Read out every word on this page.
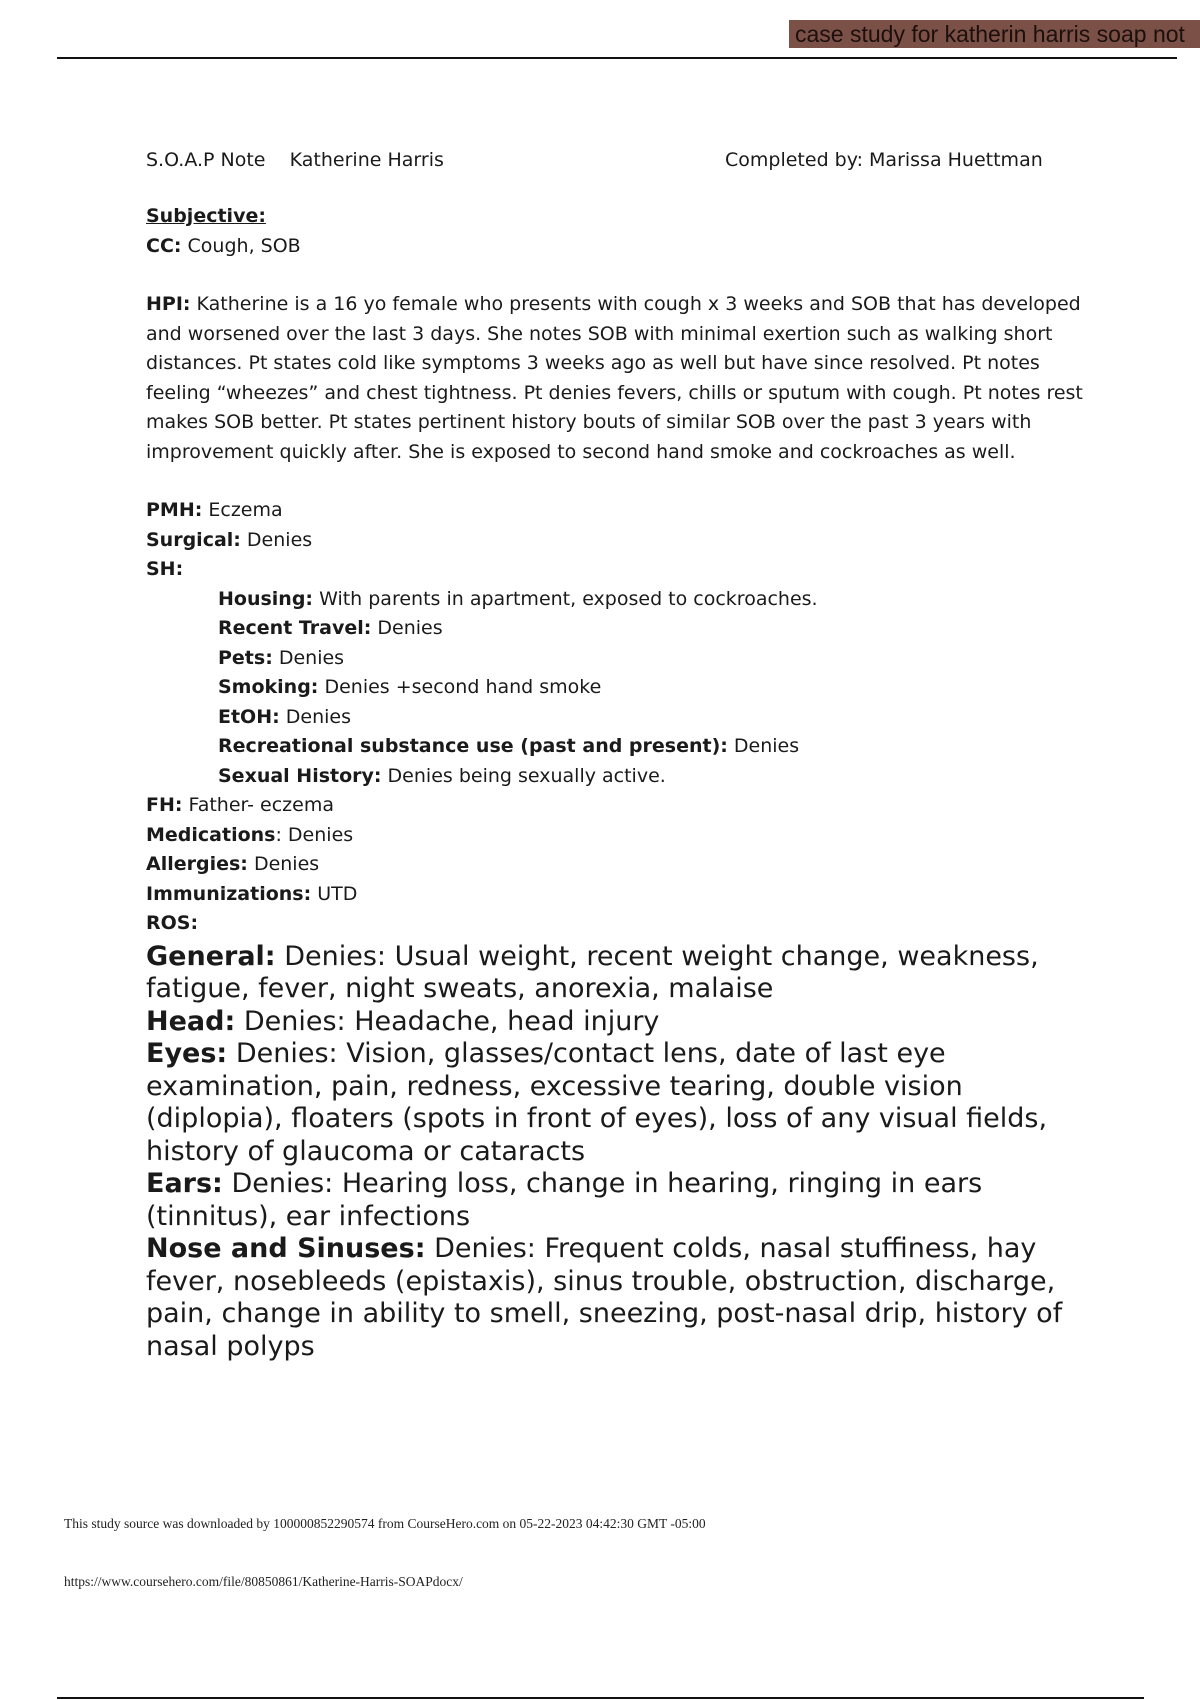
case study for katherin harris soap not
S.O.A.P Note    Katherine Harris	Completed by: Marissa Huettman
Subjective:
CC: Cough, SOB
HPI: Katherine is a 16 yo female who presents with cough x 3 weeks and SOB that has developed and worsened over the last 3 days. She notes SOB with minimal exertion such as walking short distances. Pt states cold like symptoms 3 weeks ago as well but have since resolved. Pt notes feeling “wheezes” and chest tightness. Pt denies fevers, chills or sputum with cough. Pt notes rest makes SOB better. Pt states pertinent history bouts of similar SOB over the past 3 years with improvement quickly after. She is exposed to second hand smoke and cockroaches as well.
PMH: Eczema
Surgical: Denies
SH:
Housing: With parents in apartment, exposed to cockroaches.
Recent Travel: Denies
Pets: Denies
Smoking: Denies +second hand smoke
EtOH: Denies
Recreational substance use (past and present): Denies
Sexual History: Denies being sexually active.
FH: Father- eczema
Medications: Denies
Allergies: Denies
Immunizations: UTD
ROS:
General: Denies: Usual weight, recent weight change, weakness, fatigue, fever, night sweats, anorexia, malaise
Head: Denies: Headache, head injury
Eyes: Denies: Vision, glasses/contact lens, date of last eye examination, pain, redness, excessive tearing, double vision (diplopia), floaters (spots in front of eyes), loss of any visual fields, history of glaucoma or cataracts
Ears: Denies: Hearing loss, change in hearing, ringing in ears (tinnitus), ear infections
Nose and Sinuses: Denies: Frequent colds, nasal stuffiness, hay fever, nosebleeds (epistaxis), sinus trouble, obstruction, discharge, pain, change in ability to smell, sneezing, post-nasal drip, history of nasal polyps
This study source was downloaded by 100000852290574 from CourseHero.com on 05-22-2023 04:42:30 GMT -05:00
https://www.coursehero.com/file/80850861/Katherine-Harris-SOAPdocx/
